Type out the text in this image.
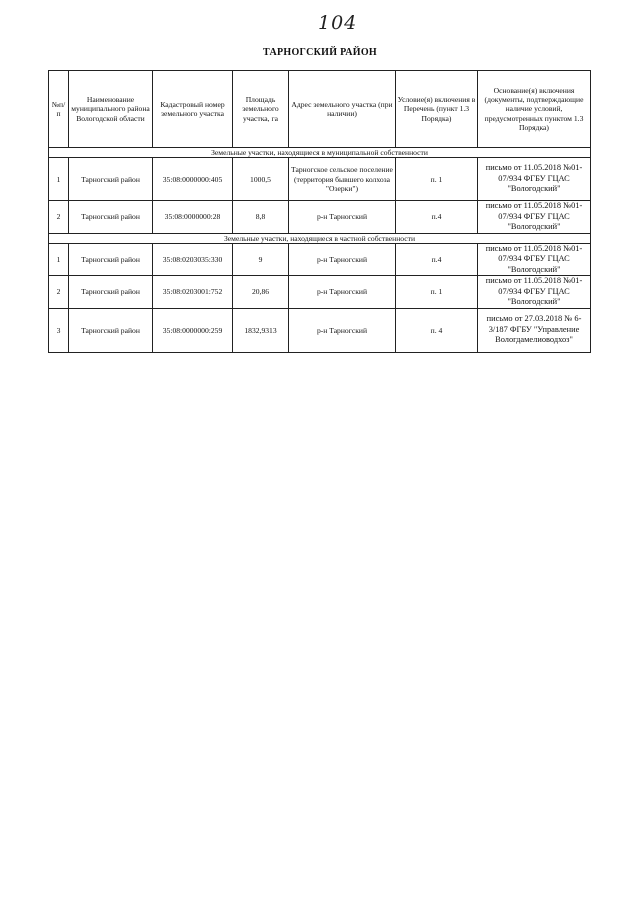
104
ТАРНОГСКИЙ РАЙОН
№п/п	Наименование муниципального района Вологодской области	Кадастровый номер земельного участка	Площадь земельного участка, га	Адрес земельного участка (при наличии)	Условие(я) включения в Перечень (пункт 1.3 Порядка)	Основание(я) включения (документы, подтверждающие наличие условий, предусмотренных пунктом 1.3 Порядка)
Земельные участки, находящиеся в муниципальной собственности						
1	Тарногский район	35:08:0000000:405	1000,5	Тарногское сельское поселение (территория бывшего колхоза "Озерки")	п. 1	письмо от 11.05.2018 №01-07/934 ФГБУ ГЦАС "Вологодский"
2	Тарногский район	35:08:0000000:28	8,8	р-н Тарногский	п.4	письмо от 11.05.2018 №01-07/934 ФГБУ ГЦАС "Вологодский"
Земельные участки, находящиеся в частной собственности						
1	Тарногский район	35:08:0203035:330	9	р-н Тарногский	п.4	письмо от 11.05.2018 №01-07/934 ФГБУ ГЦАС "Вологодский"
2	Тарногский район	35:08:0203001:752	20,86	р-н Тарногский	п. 1	письмо от 11.05.2018 №01-07/934 ФГБУ ГЦАС "Вологодский"
3	Тарногский район	35:08:0000000:259	1832,9313	р-н Тарногский	п. 4	письмо от 27.03.2018 № 6-3/187 ФГБУ "Управление Вологдамелиоводхоз"
